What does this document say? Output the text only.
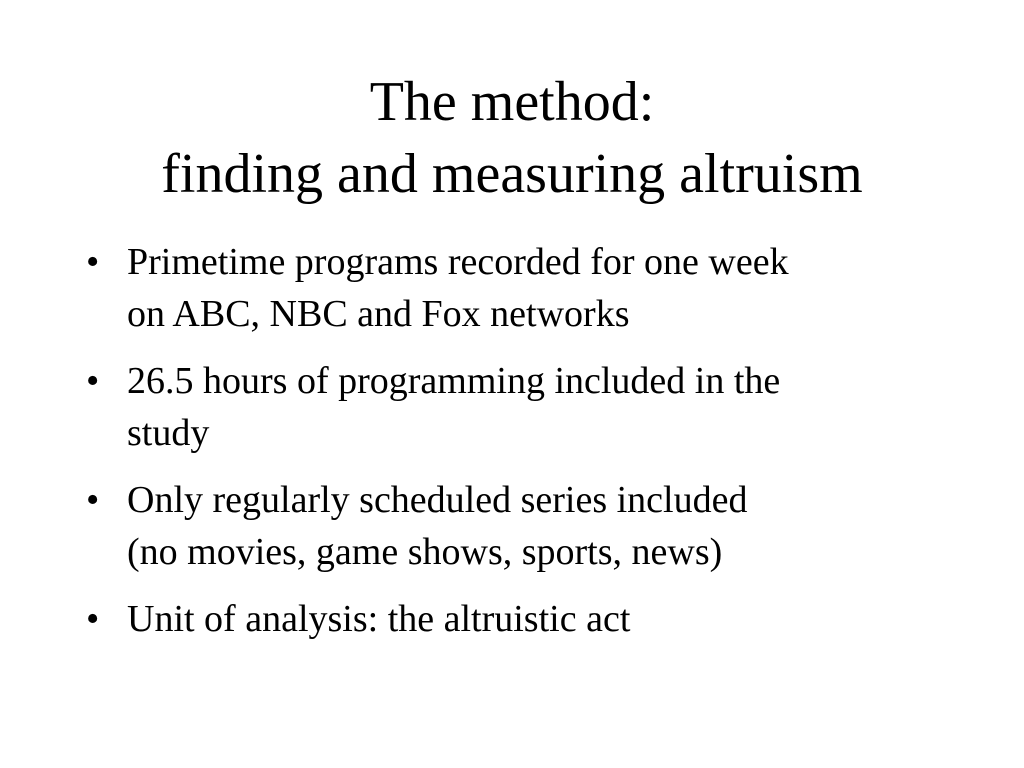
The method:
finding and measuring altruism
• Primetime programs recorded for one week
on ABC, NBC and Fox networks
• 26.5 hours of programming included in the
study
• Only regularly scheduled series included
(no movies, game shows, sports, news)
• Unit of analysis: the altruistic act
